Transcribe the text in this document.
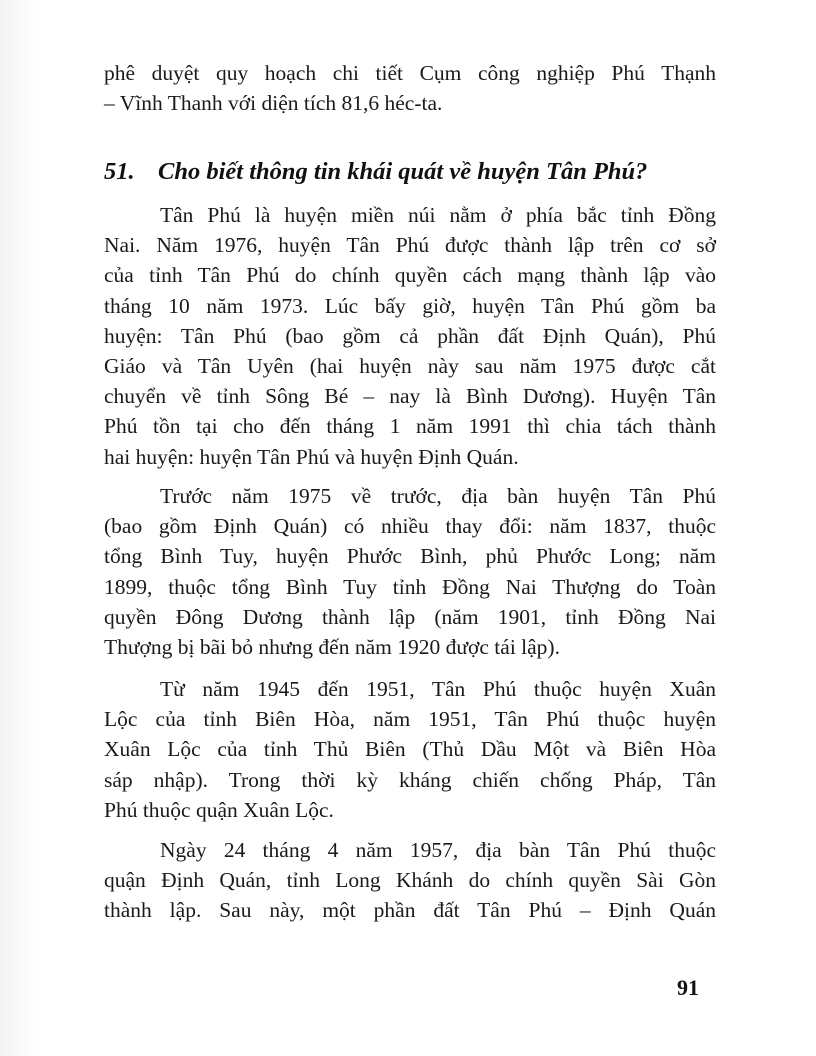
phê duyệt quy hoạch chi tiết Cụm công nghiệp Phú Thạnh
– Vĩnh Thanh với diện tích 81,6 héc-ta.
51. Cho biết thông tin khái quát về huyện Tân Phú?
Tân Phú là huyện miền núi nằm ở phía bắc tỉnh Đồng
Nai. Năm 1976, huyện Tân Phú được thành lập trên cơ sở
của tỉnh Tân Phú do chính quyền cách mạng thành lập vào
tháng 10 năm 1973. Lúc bấy giờ, huyện Tân Phú gồm ba
huyện: Tân Phú (bao gồm cả phần đất Định Quán), Phú
Giáo và Tân Uyên (hai huyện này sau năm 1975 được cắt
chuyển về tỉnh Sông Bé – nay là Bình Dương). Huyện Tân
Phú tồn tại cho đến tháng 1 năm 1991 thì chia tách thành
hai huyện: huyện Tân Phú và huyện Định Quán.
Trước năm 1975 về trước, địa bàn huyện Tân Phú
(bao gồm Định Quán) có nhiều thay đổi: năm 1837, thuộc
tổng Bình Tuy, huyện Phước Bình, phủ Phước Long; năm
1899, thuộc tổng Bình Tuy tỉnh Đồng Nai Thượng do Toàn
quyền Đông Dương thành lập (năm 1901, tỉnh Đồng Nai
Thượng bị bãi bỏ nhưng đến năm 1920 được tái lập).
Từ năm 1945 đến 1951, Tân Phú thuộc huyện Xuân
Lộc của tỉnh Biên Hòa, năm 1951, Tân Phú thuộc huyện
Xuân Lộc của tỉnh Thủ Biên (Thủ Dầu Một và Biên Hòa
sáp nhập). Trong thời kỳ kháng chiến chống Pháp, Tân
Phú thuộc quận Xuân Lộc.
Ngày 24 tháng 4 năm 1957, địa bàn Tân Phú thuộc
quận Định Quán, tỉnh Long Khánh do chính quyền Sài Gòn
thành lập. Sau này, một phần đất Tân Phú – Định Quán
91
